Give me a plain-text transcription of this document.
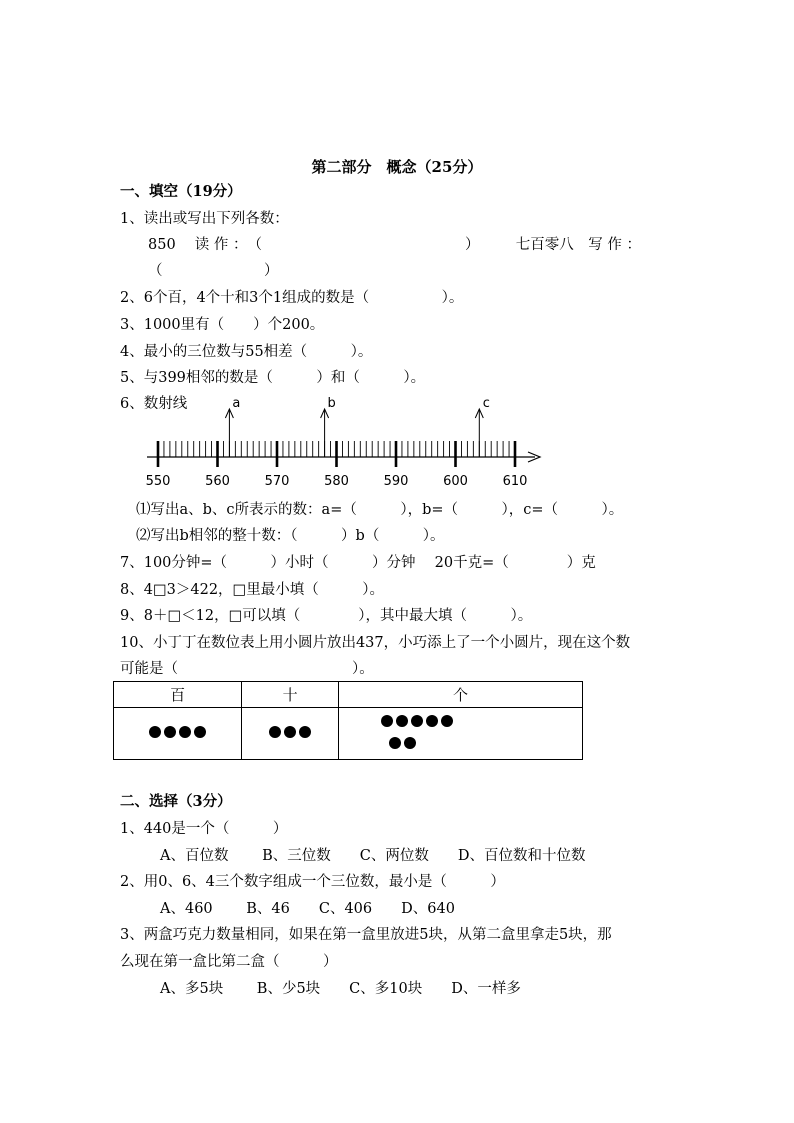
第二部分　概念（25分）
一、填空（19分）
1、读出或写出下列各数：
850　 读 作 ：　（　　　　　　　　　　　　　　）　　　七百零八　写 作 ：
（　　　　　　　）
2、6个百，4个十和3个1组成的数是（　　　　　）。
3、1000里有（　　）个200。
4、最小的三位数与55相差（　　　）。
5、与399相邻的数是（　　　）和（　　　）。
6、数射线
550	560	570	580	590	600	610
a	b	c
⑴写出a、b、c所表示的数：a=（　　　），b=（　　　），c=（　　　）。
⑵写出b相邻的整十数：（　　　）b（　　　）。
7、100分钟=（　　　）小时（　　　）分钟　 20千克=（　　　　）克
8、4□3＞422，□里最小填（　　　）。
9、8＋□＜12，□可以填（　　　　），其中最大填（　　　）。
10、小丁丁在数位表上用小圆片放出437，小巧添上了一个小圆片，现在这个数
可能是（　　　　　　　　　　　　）。
百	十	个

二、选择（3分）
1、440是一个（　　　）
A、百位数　　 B、三位数　　C、两位数　　D、百位数和十位数
2、用0、6、4三个数字组成一个三位数，最小是（　　　）
A、460　　 B、46　　C、406　　D、640
3、两盒巧克力数量相同，如果在第一盒里放进5块，从第二盒里拿走5块，那
么现在第一盒比第二盒（　　　）
A、多5块　　 B、少5块　　C、多10块　　D、一样多
